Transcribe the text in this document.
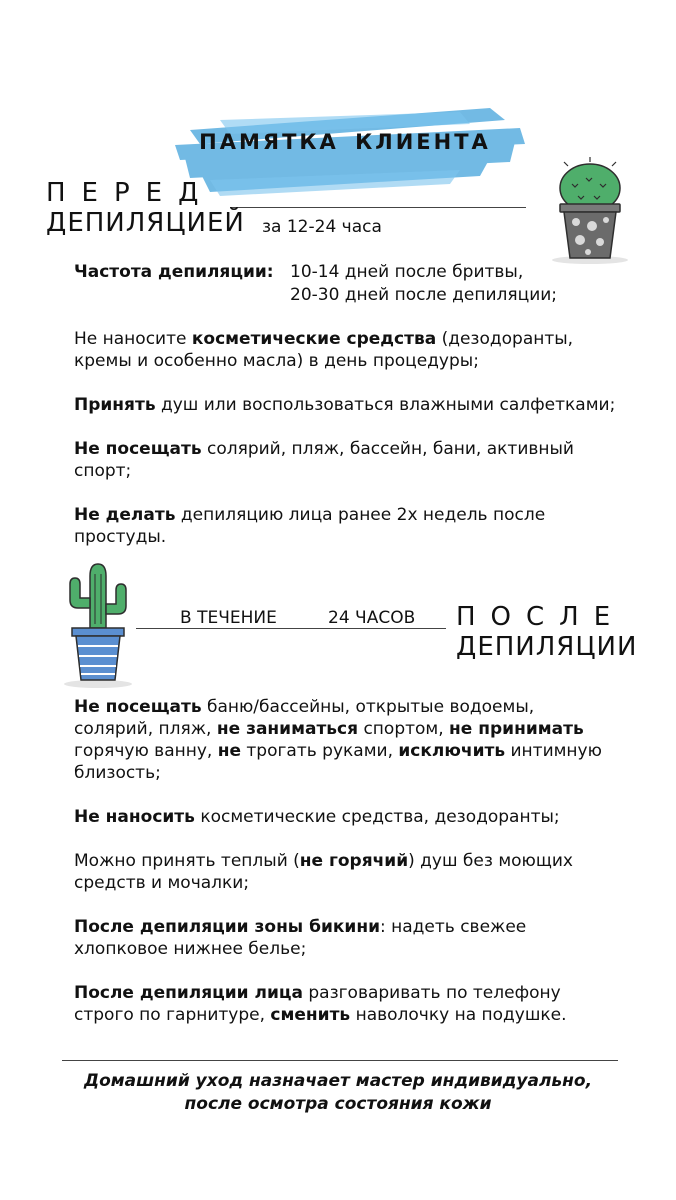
ПАМЯТКА КЛИЕНТА
ПЕРЕД
ДЕПИЛЯЦИЕЙ за 12-24 часа
Частота депиляции: 10-14 дней после бритвы,
20-30 дней после депиляции;
Не наносите косметические средства (дезодоранты,
кремы и особенно масла) в день процедуры;
Принять душ или воспользоваться влажными салфетками;
Не посещать солярий, пляж, бассейн, бани, активный
спорт;
Не делать депиляцию лица ранее 2х недель после
простуды.
В ТЕЧЕНИЕ	24 ЧАСОВ ПОСЛЕ
ДЕПИЛЯЦИИ
Не посещать баню/бассейны, открытые водоемы,
солярий, пляж, не заниматься спортом, не принимать
горячую ванну, не трогать руками, исключить интимную
близость;
Не наносить косметические средства, дезодоранты;
Можно принять теплый (не горячий) душ без моющих
средств и мочалки;
После депиляции зоны бикини: надеть свежее
хлопковое нижнее белье;
После депиляции лица разговаривать по телефону
строго по гарнитуре, сменить наволочку на подушке.
Домашний уход назначает мастер индивидуально,
после осмотра состояния кожи
